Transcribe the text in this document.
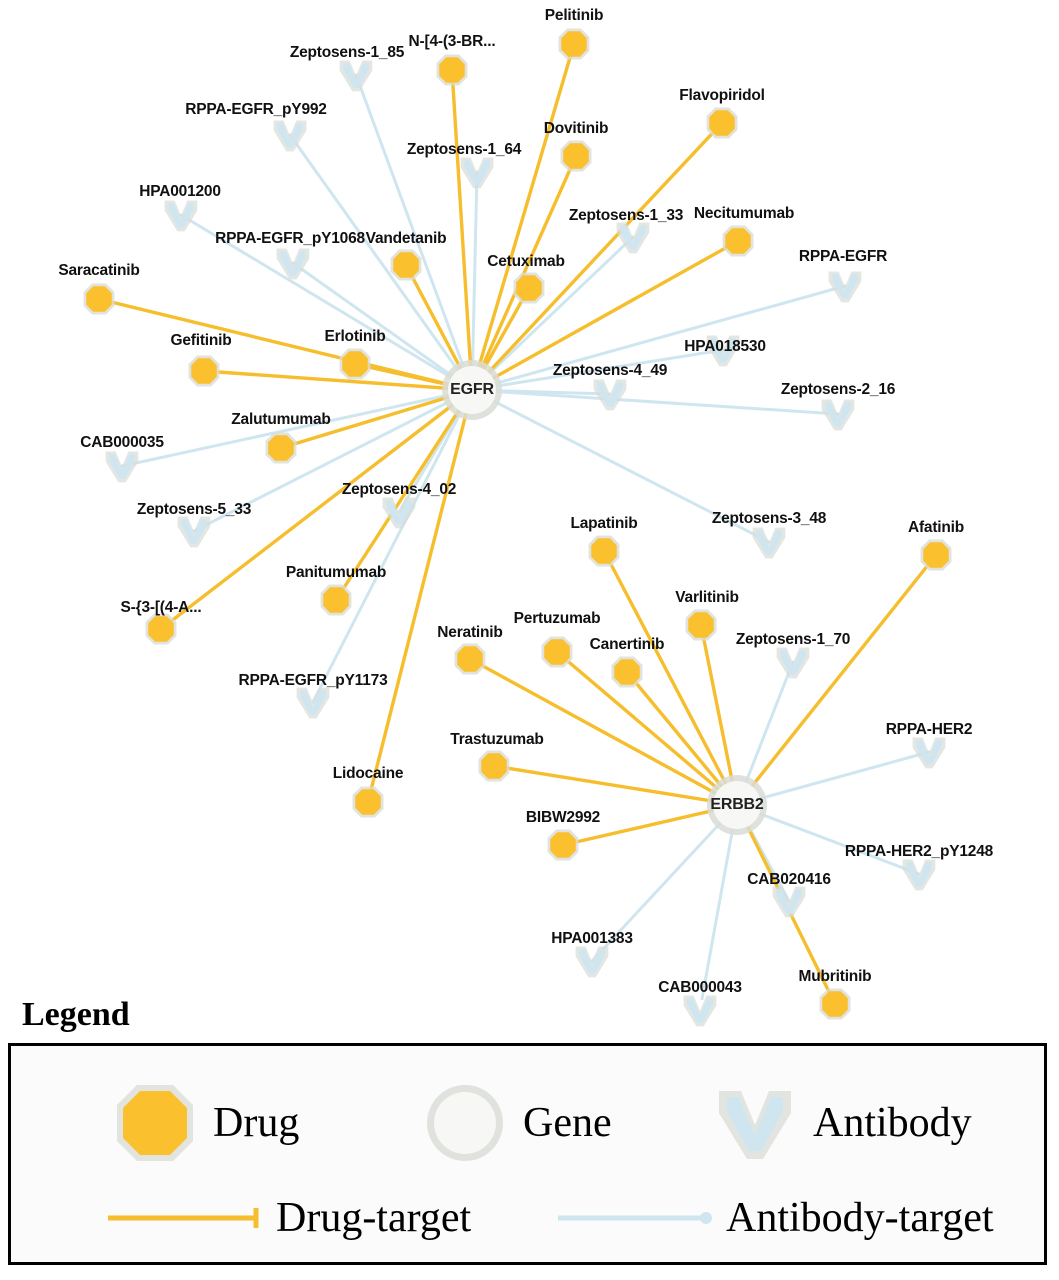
Zeptosens-1_85
RPPA-EGFR_pY992
Zeptosens-1_64
HPA001200
Zeptosens-1_33
RPPA-EGFR_pY1068
RPPA-EGFR
HPA018530
Zeptosens-4_49
Zeptosens-2_16
CAB000035
Zeptosens-4_02
Zeptosens-5_33
Zeptosens-3_48
Zeptosens-1_70
RPPA-EGFR_pY1173
RPPA-HER2
RPPA-HER2_pY1248
CAB020416
HPA001383
CAB000043
Pelitinib
N-[4-(3-BR...
Flavopiridol
Dovitinib
Necitumumab
Vandetanib
Cetuximab
Saracatinib
Erlotinib
Gefitinib
Zalutumumab
Lapatinib	Afatinib
Panitumumab
S-{3-[(4-A...
Varlitinib
Pertuzumab
Neratinib
Canertinib
Trastuzumab
Lidocaine
BIBW2992
Mubritinib
EGFR
ERBB2
Legend
Drug	Gene	Antibody
Drug-target	Antibody-target
